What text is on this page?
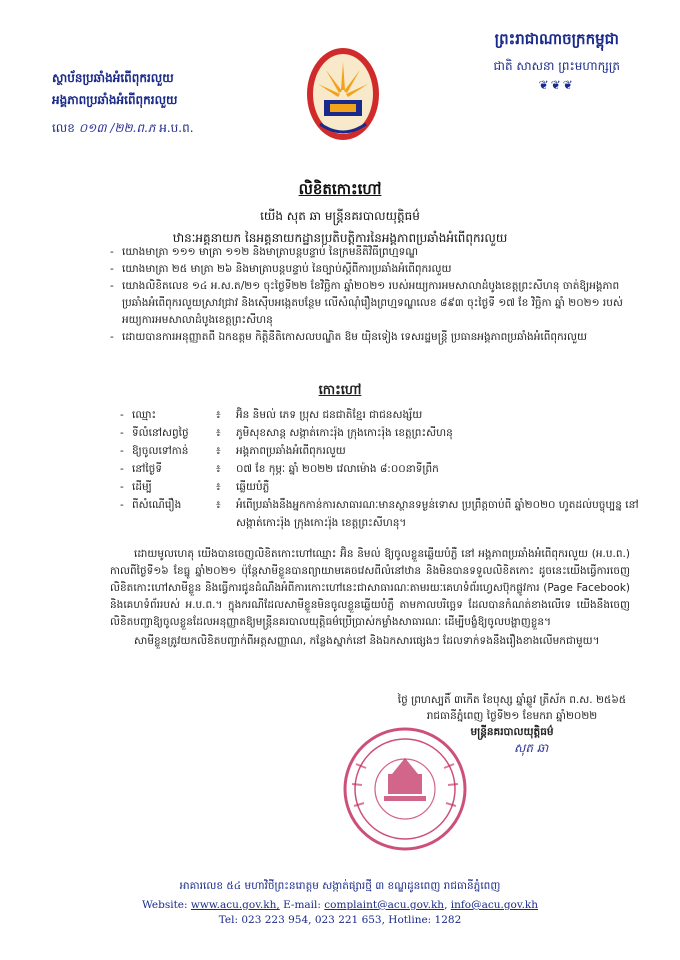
ព្រះរាជាណាចក្រកម្ពុជា
ជាតិ សាសនា ព្រះមហាក្សត្រ
❦❦❦
ស្ថាប័នប្រឆាំងអំពើពុករលួយ
អង្គភាពប្រឆាំងអំពើពុករលួយ
លេខ ០១៣ /២២.ព.ភ អ.ប.ព.
លិខិតកោះហៅ
យើង សុត ឆា មន្ត្រីនគរបាលយុត្តិធម៌
ឋានៈអគ្គនាយក នៃអគ្គនាយកដ្ឋានប្រតិបត្តិការនៃអង្គភាពប្រឆាំងអំពើពុករលួយ
- យោងមាត្រា ១១១ មាត្រា ១១២ និងមាត្រាបន្តបន្ទាប់ នៃក្រមនីតិវិធីព្រហ្មទណ្ឌ
- យោងមាត្រា ២៥ មាត្រា ២៦ និងមាត្រាបន្តបន្ទាប់ នៃច្បាប់ស្តីពីការប្រឆាំងអំពើពុករលួយ
- យោងលិខិតលេខ ១៤ អ.ស.ត/២១ ចុះថ្ងៃទី២២ ខែវិច្ឆិកា ឆ្នាំ២០២១ របស់អយ្យការអមសាលាដំបូងខេត្តព្រះសីហនុ ចាត់ឱ្យអង្គភាពប្រឆាំងអំពើពុករលួយស្រាវជ្រាវ និងស៊ើបអង្កេតបន្ថែម លើសំណុំរឿងព្រហ្មទណ្ឌលេខ ៨៩៣ ចុះថ្ងៃទី ១៧ ខែ វិច្ឆិកា ឆ្នាំ ២០២១ របស់អយ្យការអមសាលាដំបូងខេត្តព្រះសីហនុ
- ដោយបានការអនុញ្ញាតពី ឯកឧត្តម កិត្តិនីតិកោសលបណ្ឌិត ឱម យ៉ិនទៀង ទេសរដ្ឋមន្ត្រី ប្រធានអង្គភាពប្រឆាំងអំពើពុករលួយ
កោះហៅ
- ឈ្មោះ	៖	អ៊ិន និមល់ ភេទ ប្រុស ជនជាតិខ្មែរ ជាជនសង្ស័យ
- ទីលំនៅសព្វថ្ងៃ	៖	ភូមិសុខសាន្ត សង្កាត់កោះរ៉ុង ក្រុងកោះរ៉ុង ខេត្តព្រះសីហនុ
- ឱ្យចូលទៅកាន់	៖	អង្គភាពប្រឆាំងអំពើពុករលួយ
- នៅថ្ងៃទី	៖	០៧ ខែ កុម្ភៈ ឆ្នាំ ២០២២ វេលាម៉ោង ៨:០០នាទីព្រឹក
- ដើម្បី	៖	ឆ្លើយបំភ្លឺ
- ពីសំណើរឿង	៖	អំពើប្រឆាំងនឹងអ្នកកាន់ការសាធារណៈមានស្ថានទម្ងន់ទោស ប្រព្រឹត្តចាប់ពី ឆ្នាំ២០២០ ហូតដល់បច្ចុប្បន្ន នៅសង្កាត់កោះរ៉ុង ក្រុងកោះរ៉ុង ខេត្តព្រះសីហនុ។

ដោយមូលហេតុ យើងបានចេញលិខិតកោះហៅឈ្មោះ អ៊ិន និមល់ ឱ្យចូលខ្លួនឆ្លើយបំភ្លឺ នៅ អង្គភាពប្រឆាំងអំពើពុករលួយ (អ.ប.ព.) កាលពីថ្ងៃទី១៦ ខែធ្នូ ឆ្នាំ២០២១ ប៉ុន្តែសាមីខ្លួនបានព្យាយាមគេចវេសពីលំនៅឋាន និងមិនបានទទួលលិខិតកោះ ដូចនេះយើងធ្វើការចេញលិខិតកោះហៅសាមីខ្លួន និងធ្វើការជូនដំណឹងអំពីការកោះហៅនេះជាសាធារណៈតាមរយៈគេហទំព័រហ្វេសប៊ុកផ្លូវការ (Page Facebook) និងគេហទំព័ររបស់ អ.ប.ព.។ ក្នុងករណីដែលសាមីខ្លួនមិនចូលខ្លួនឆ្លើយបំភ្លឺ តាមកាលបរិច្ឆេទ ដែលបានកំណត់ខាងលើទេ យើងនឹងចេញលិខិតបញ្ជាឱ្យចូលខ្លួនដែលអនុញ្ញាតឱ្យមន្ត្រីនគរបាលយុត្តិធម៌ប្រើប្រាស់កម្លាំងសាធារណៈ ដើម្បីបង្ខំឱ្យចូលបង្ហាញខ្លួន។

សាមីខ្លួនត្រូវយកលិខិតបញ្ជាក់ពីអត្តសញ្ញាណ, កន្លែងស្នាក់នៅ និងឯកសារផ្សេងៗ ដែលទាក់ទងនឹងរឿងខាងលើមកជាមួយ។

ថ្ងៃ ព្រហស្បតិ៍ ៣កើត ខែបុស្ស ឆ្នាំឆ្លូវ ត្រីស័ក ព.ស. ២៥៦៥
រាជធានីភ្នំពេញ ថ្ងៃទី២១ ខែមករា ឆ្នាំ២០២២
មន្ត្រីនគរបាលយុត្តិធម៌
សុត ឆា
អាគារលេខ ៥៤ មហាវិថីព្រះនរោត្តម សង្កាត់ផ្សារថ្មី ៣ ខណ្ឌដូនពេញ រាជធានីភ្នំពេញ
Website: www.acu.gov.kh, E-mail: complaint@acu.gov.kh, info@acu.gov.kh
Tel: 023 223 954, 023 221 653, Hotline: 1282
